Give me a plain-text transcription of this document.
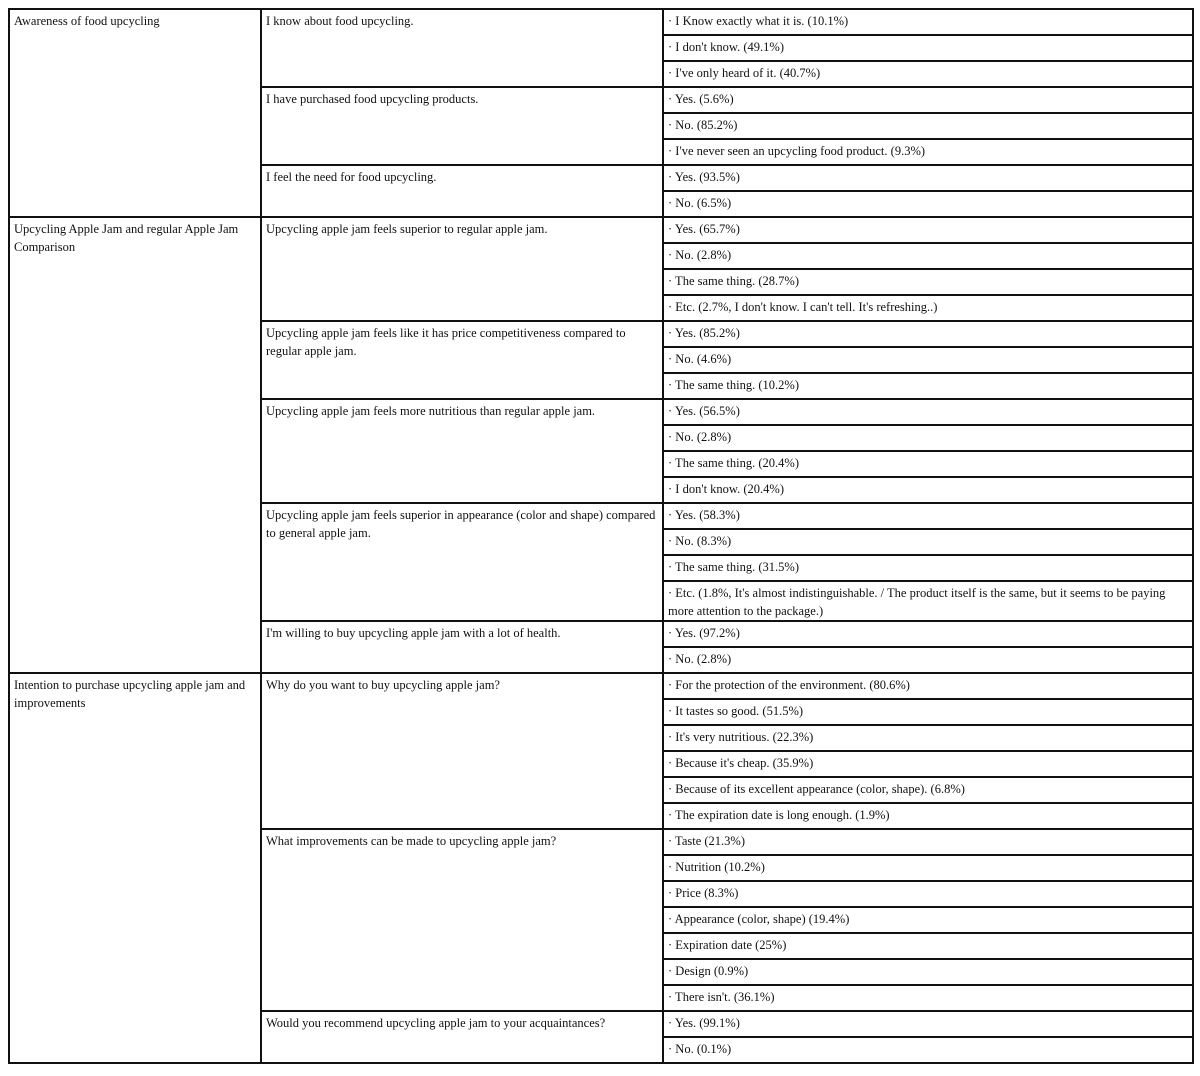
Awareness of food upcycling	I know about food upcycling.	· I Know exactly what it is. (10.1%)
		· I don't know. (49.1%)
		· I've only heard of it. (40.7%)
	I have purchased food upcycling products.	· Yes. (5.6%)
		· No. (85.2%)
		· I've never seen an upcycling food product. (9.3%)
	I feel the need for food upcycling.	· Yes. (93.5%)
		· No. (6.5%)
Upcycling Apple Jam and regular Apple Jam Comparison	Upcycling apple jam feels superior to regular apple jam.	· Yes. (65.7%)
		· No. (2.8%)
		· The same thing. (28.7%)
		· Etc. (2.7%, I don't know. I can't tell. It's refreshing..)
	Upcycling apple jam feels like it has price competitiveness compared to regular apple jam.	· Yes. (85.2%)
		· No. (4.6%)
		· The same thing. (10.2%)
	Upcycling apple jam feels more nutritious than regular apple jam.	· Yes. (56.5%)
		· No. (2.8%)
		· The same thing. (20.4%)
		· I don't know. (20.4%)
	Upcycling apple jam feels superior in appearance (color and shape) compared to general apple jam.	· Yes. (58.3%)
		· No. (8.3%)
		· The same thing. (31.5%)
		· Etc. (1.8%, It's almost indistinguishable. / The product itself is the same, but it seems to be paying more attention to the package.)
	I'm willing to buy upcycling apple jam with a lot of health.	· Yes. (97.2%)
		· No. (2.8%)
Intention to purchase upcycling apple jam and improvements	Why do you want to buy upcycling apple jam?	· For the protection of the environment. (80.6%)
		· It tastes so good. (51.5%)
		· It's very nutritious. (22.3%)
		· Because it's cheap. (35.9%)
		· Because of its excellent appearance (color, shape). (6.8%)
		· The expiration date is long enough. (1.9%)
	What improvements can be made to upcycling apple jam?	· Taste (21.3%)
		· Nutrition (10.2%)
		· Price (8.3%)
		· Appearance (color, shape) (19.4%)
		· Expiration date (25%)
		· Design (0.9%)
		· There isn't. (36.1%)
	Would you recommend upcycling apple jam to your acquaintances?	· Yes. (99.1%)
		· No. (0.1%)
